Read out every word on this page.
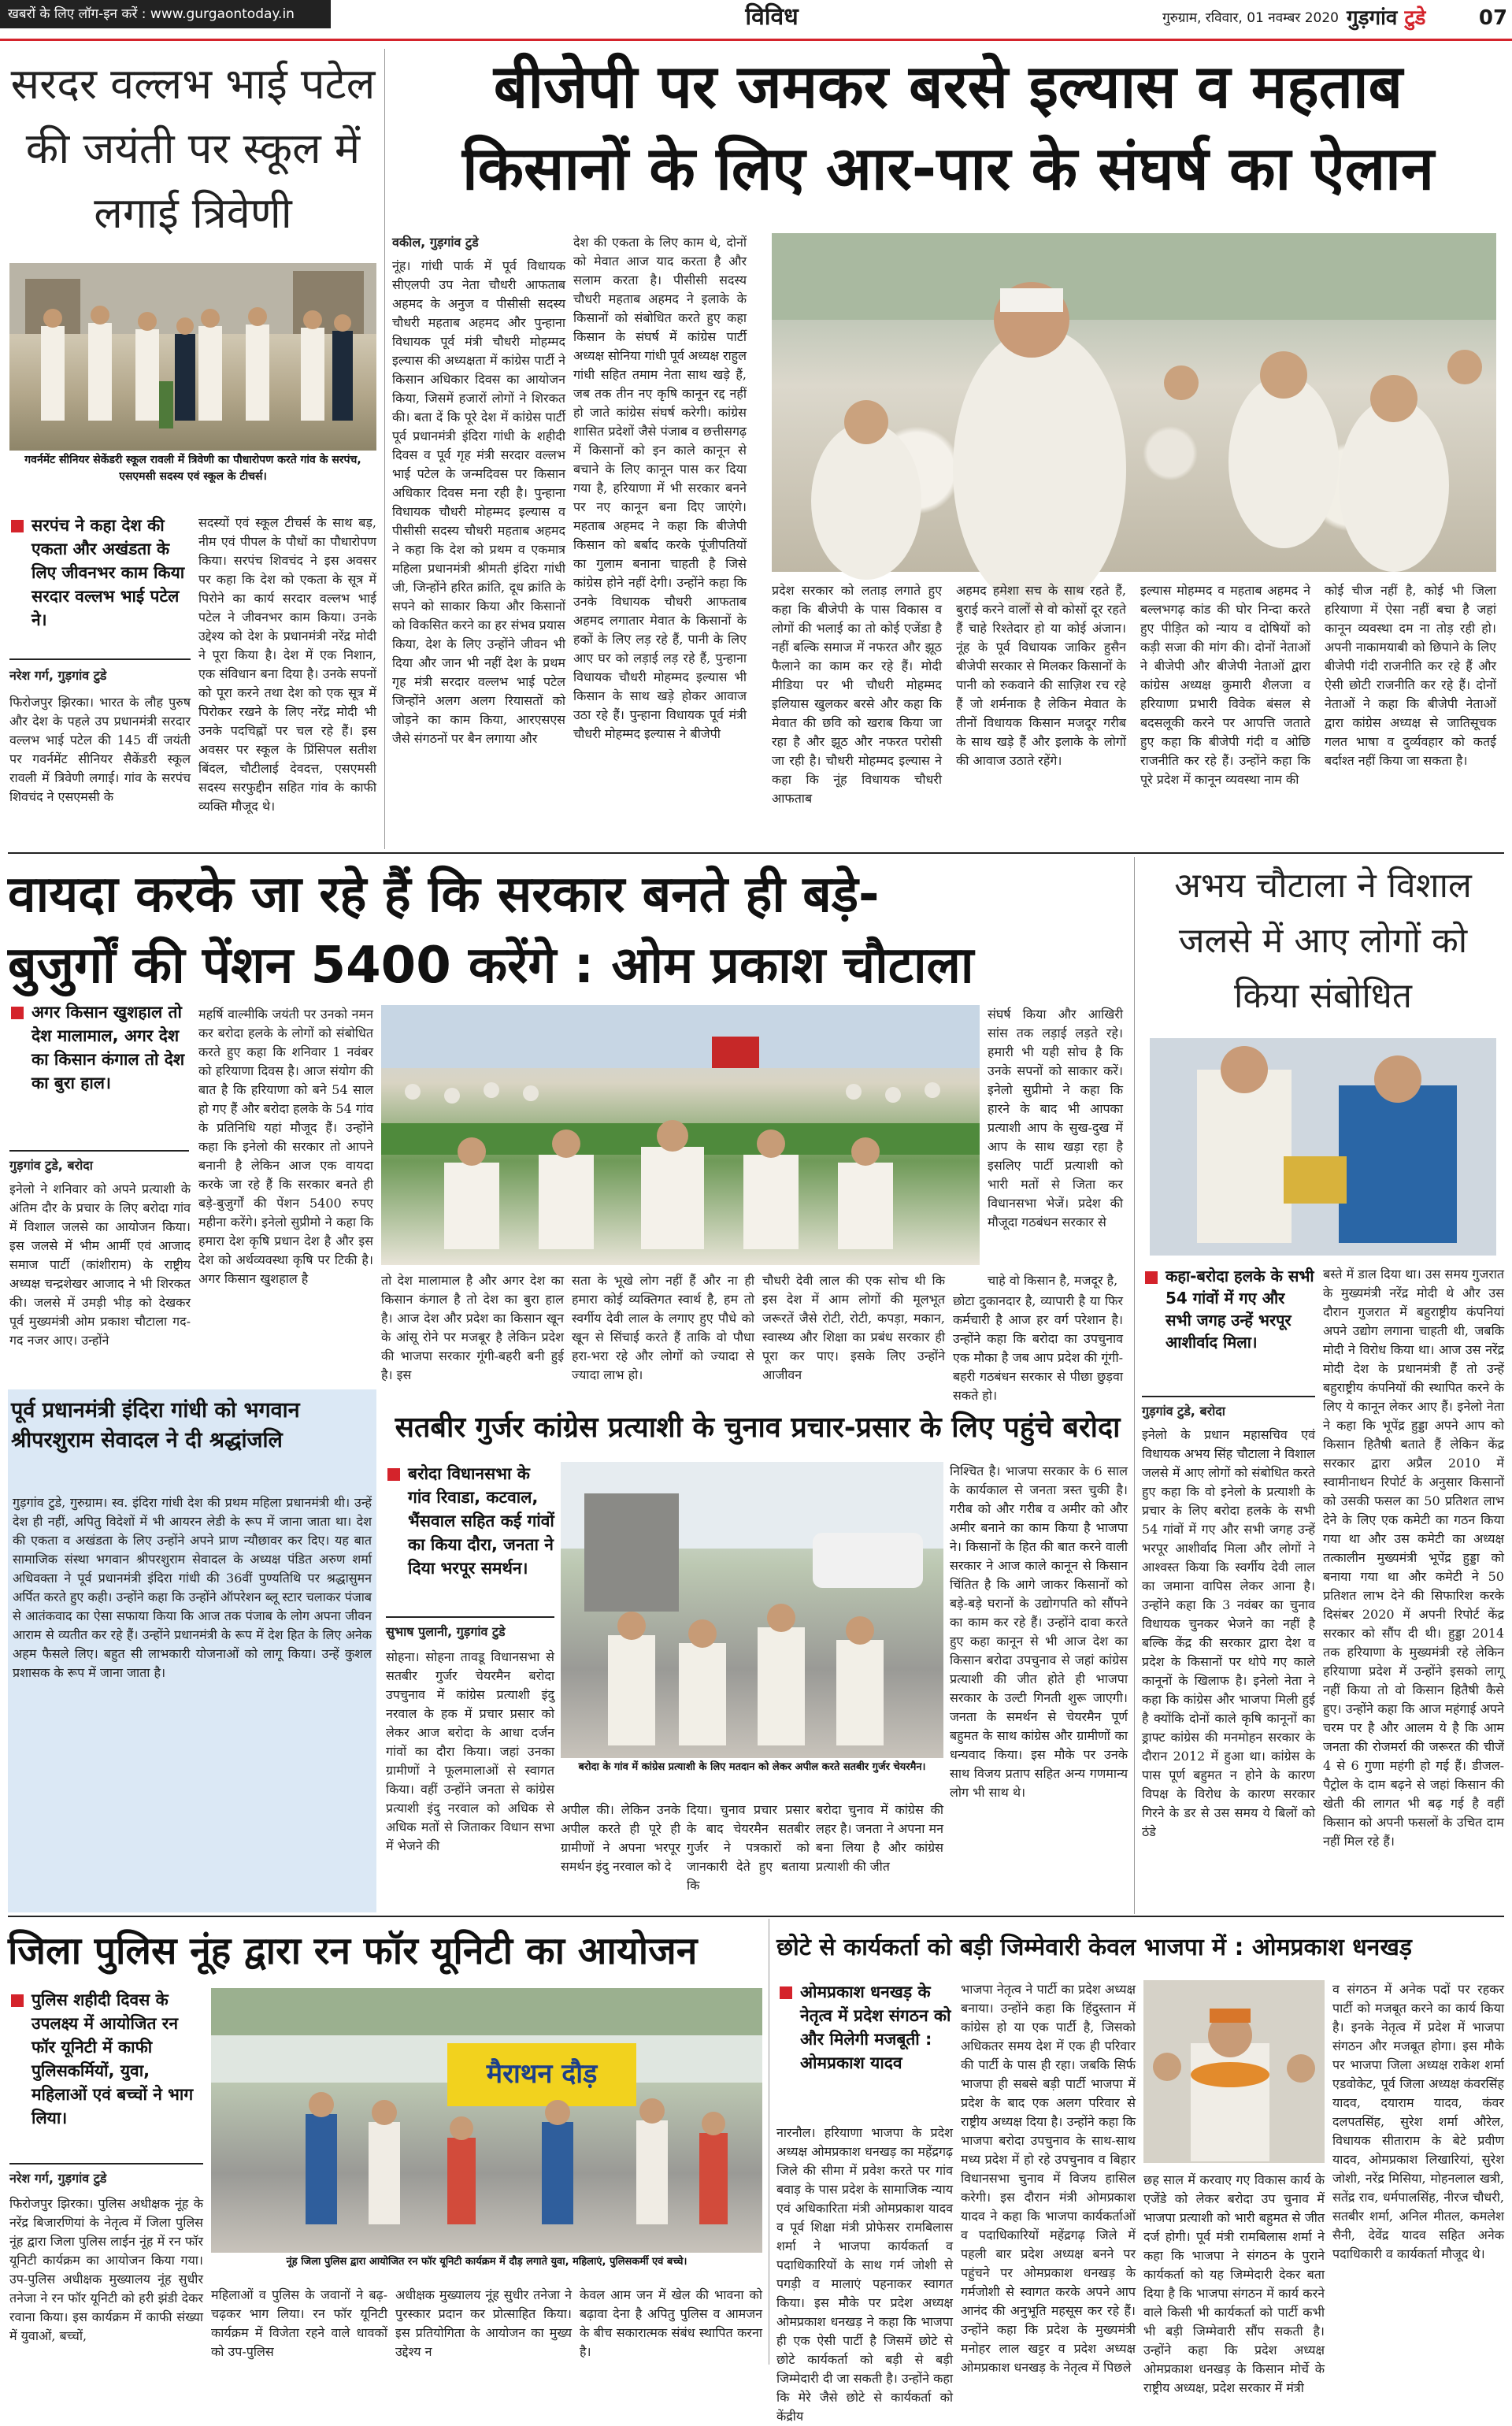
खबरों के लिए लॉग-इन करें : www.gurgaontoday.in	विविध	गुरुग्राम, रविवार, 01 नवम्बर 2020 गुड़गांव टुडे	07
सरदर वल्लभ भाई पटेल की जयंती पर स्कूल में लगाई त्रिवेणी
गवर्नमेंट सीनियर सेकेंडरी स्कूल रावली में त्रिवेणी का पौधारोपण करते गांव के सरपंच, एसएमसी सदस्य एवं स्कूल के टीचर्स।
सरपंच ने कहा देश की एकता और अखंडता के लिए जीवनभर काम किया सरदार वल्लभ भाई पटेल ने।
नरेश गर्ग, गुड़गांव टुडे
फिरोजपुर झिरका। भारत के लौह पुरुष और देश के पहले उप प्रधानमंत्री सरदार वल्लभ भाई पटेल की 145 वीं जयंती पर गवर्नमेंट सीनियर सैकेंडरी स्कूल रावली में त्रिवेणी लगाई। गांव के सरपंच शिवचंद ने एसएमसी के
सदस्यों एवं स्कूल टीचर्स के साथ बड़, नीम एवं पीपल के पौधों का पौधारोपण किया। सरपंच शिवचंद ने इस अवसर पर कहा कि देश को एकता के सूत्र में पिरोने का कार्य सरदार वल्लभ भाई पटेल ने जीवनभर काम किया। उनके उद्देश्य को देश के प्रधानमंत्री नरेंद्र मोदी ने पूरा किया है। देश में एक निशान, एक संविधान बना दिया है। उनके सपनों को पूरा करने तथा देश को एक सूत्र में पिरोकर रखने के लिए नरेंद्र मोदी भी उनके पदचिह्नों पर चल रहे हैं। इस अवसर पर स्कूल के प्रिंसिपल सतीश बिंदल, चौटीलाई देवदत्त, एसएमसी सदस्य सरफुद्दीन सहित गांव के काफी व्यक्ति मौजूद थे।
बीजेपी पर जमकर बरसे इल्यास व महताब
किसानों के लिए आर-पार के संघर्ष का ऐलान
वकील, गुड़गांव टुडे
नूंह। गांधी पार्क में पूर्व विधायक सीएलपी उप नेता चौधरी आफताब अहमद के अनुज व पीसीसी सदस्य चौधरी महताब अहमद और पुन्हाना विधायक पूर्व मंत्री चौधरी मोहम्मद इल्यास की अध्यक्षता में कांग्रेस पार्टी ने किसान अधिकार दिवस का आयोजन किया, जिसमें हजारों लोगों ने शिरकत की। बता दें कि पूरे देश में कांग्रेस पार्टी पूर्व प्रधानमंत्री इंदिरा गांधी के शहीदी दिवस व पूर्व गृह मंत्री सरदार वल्लभ भाई पटेल के जन्मदिवस पर किसान अधिकार दिवस मना रही है। पुन्हाना विधायक चौधरी मोहम्मद इल्यास व पीसीसी सदस्य चौधरी महताब अहमद ने कहा कि देश को प्रथम व एकमात्र महिला प्रधानमंत्री श्रीमती इंदिरा गांधी जी, जिन्होंने हरित क्रांति, दूध क्रांति के सपने को साकार किया और किसानों को विकसित करने का हर संभव प्रयास किया, देश के लिए उन्होंने जीवन भी दिया और जान भी नहीं देश के प्रथम गृह मंत्री सरदार वल्लभ भाई पटेल जिन्होंने अलग अलग रियासतों को जोड़ने का काम किया, आरएसएस जैसे संगठनों पर बैन लगाया और
देश की एकता के लिए काम थे, दोनों को मेवात आज याद करता है और सलाम करता है। पीसीसी सदस्य चौधरी महताब अहमद ने इलाके के किसानों को संबोधित करते हुए कहा किसान के संघर्ष में कांग्रेस पार्टी अध्यक्ष सोनिया गांधी पूर्व अध्यक्ष राहुल गांधी सहित तमाम नेता साथ खड़े हैं, जब तक तीन नए कृषि कानून रद्द नहीं हो जाते कांग्रेस संघर्ष करेगी। कांग्रेस शासित प्रदेशों जैसे पंजाब व छत्तीसगढ़ में किसानों को इन काले कानून से बचाने के लिए कानून पास कर दिया गया है, हरियाणा में भी सरकार बनने पर नए कानून बना दिए जाएंगे। महताब अहमद ने कहा कि बीजेपी किसान को बर्बाद करके पूंजीपतियों का गुलाम बनाना चाहती है जिसे कांग्रेस होने नहीं देगी। उन्होंने कहा कि उनके विधायक चौधरी आफताब अहमद लगातार मेवात के किसानों के हकों के लिए लड़ रहे हैं, पानी के लिए आए घर को लड़ाई लड़ रहे हैं, पुन्हाना विधायक चौधरी मोहम्मद इल्यास भी किसान के साथ खड़े होकर आवाज उठा रहे हैं। पुन्हाना विधायक पूर्व मंत्री चौधरी मोहम्मद इल्यास ने बीजेपी
प्रदेश सरकार को लताड़ लगाते हुए कहा कि बीजेपी के पास विकास व लोगों की भलाई का तो कोई एजेंडा है नहीं बल्कि समाज में नफरत और झूठ फैलाने का काम कर रहे हैं। मोदी मीडिया पर भी चौधरी मोहम्मद इलियास खुलकर बरसे और कहा कि मेवात की छवि को खराब किया जा रहा है और झूठ और नफरत परोसी जा रही है। चौधरी मोहम्मद इल्यास ने कहा कि नूंह विधायक चौधरी आफताब
अहमद हमेशा सच के साथ रहते हैं, बुराई करने वालों से वो कोसों दूर रहते हैं चाहे रिश्तेदार हो या कोई अंजान। नूंह के पूर्व विधायक जाकिर हुसैन बीजेपी सरकार से मिलकर किसानों के पानी को रुकवाने की साज़िश रच रहे हैं जो शर्मनाक है लेकिन मेवात के तीनों विधायक किसान मजदूर गरीब के साथ खड़े हैं और इलाके के लोगों की आवाज उठाते रहेंगे।
इल्यास मोहम्मद व महताब अहमद ने बल्लभगढ़ कांड की घोर निन्दा करते हुए पीड़ित को न्याय व दोषियों को कड़ी सजा की मांग की। दोनों नेताओं ने बीजेपी और बीजेपी नेताओं द्वारा कांग्रेस अध्यक्ष कुमारी शैलजा व हरियाणा प्रभारी विवेक बंसल से बदसलूकी करने पर आपत्ति जताते हुए कहा कि बीजेपी गंदी व ओछि राजनीति कर रहे हैं। उन्होंने कहा कि पूरे प्रदेश में कानून व्यवस्था नाम की
कोई चीज नहीं है, कोई भी जिला हरियाणा में ऐसा नहीं बचा है जहां कानून व्यवस्था दम ना तोड़ रही हो। अपनी नाकामयाबी को छिपाने के लिए बीजेपी गंदी राजनीति कर रहे हैं और ऐसी छोटी राजनीति कर रहे हैं। दोनों नेताओं ने कहा कि बीजेपी नेताओं द्वारा कांग्रेस अध्यक्ष से जातिसूचक गलत भाषा व दुर्व्यवहार को कतई बर्दाश्त नहीं किया जा सकता है।
वायदा करके जा रहे हैं कि सरकार बनते ही बड़े-
बुजुर्गों की पेंशन 5400 करेंगे : ओम प्रकाश चौटाला
अगर किसान खुशहाल तो देश मालामाल, अगर देश का किसान कंगाल तो देश का बुरा हाल।
गुड़गांव टुडे, बरोदा
इनेलो ने शनिवार को अपने प्रत्याशी के अंतिम दौर के प्रचार के लिए बरोदा गांव में विशाल जलसे का आयोजन किया। इस जलसे में भीम आर्मी एवं आजाद समाज पार्टी (कांशीराम) के राष्ट्रीय अध्यक्ष चन्द्रशेखर आजाद ने भी शिरकत की। जलसे में उमड़ी भीड़ को देखकर पूर्व मुख्यमंत्री ओम प्रकाश चौटाला गद-गद नजर आए। उन्होंने
महर्षि वाल्मीकि जयंती पर उनको नमन कर बरोदा हलके के लोगों को संबोधित करते हुए कहा कि शनिवार 1 नवंबर को हरियाणा दिवस है। आज संयोग की बात है कि हरियाणा को बने 54 साल हो गए हैं और बरोदा हलके के 54 गांव के प्रतिनिधि यहां मौजूद हैं। उन्होंने कहा कि इनेलो की सरकार तो आपने बनानी है लेकिन आज एक वायदा करके जा रहे हैं कि सरकार बनते ही बड़े-बुजुर्गों की पेंशन 5400 रुपए महीना करेंगे। इनेलो सुप्रीमो ने कहा कि हमारा देश कृषि प्रधान देश है और इस देश को अर्थव्यवस्था कृषि पर टिकी है। अगर किसान खुशहाल है	तो देश मालामाल है और अगर देश का किसान कंगाल है तो देश का बुरा हाल है। आज देश और प्रदेश का किसान खून के आंसू रोने पर मजबूर है लेकिन प्रदेश की भाजपा सरकार गूंगी-बहरी बनी हुई है। इस
सता के भूखे लोग नहीं हैं और ना ही हमारा कोई व्यक्तिगत स्वार्थ है, हम तो स्वर्गीय देवी लाल के लगाए हुए पौधे को खून से सिंचाई करते हैं ताकि वो पौधा हरा-भरा रहे और लोगों को ज्यादा से ज्यादा लाभ हो।
चौधरी देवी लाल की एक सोच थी कि इस देश में आम लोगों की मूलभूत जरूरतें जैसे रोटी, रोटी, कपड़ा, मकान, स्वास्थ्य और शिक्षा का प्रबंध सरकार ही पूरा कर पाए। इसके लिए उन्होंने आजीवन
संघर्ष किया और आखिरी सांस तक लड़ाई लड़ते रहे। हमारी भी यही सोच है कि उनके सपनों को साकार करें। इनेलो सुप्रीमो ने कहा कि हारने के बाद भी आपका प्रत्याशी आप के सुख-दुख में आप के साथ खड़ा रहा है इसलिए पार्टी प्रत्याशी को भारी मतों से जिता कर विधानसभा भेजें। प्रदेश की मौजूदा गठबंधन सरकार से
चाहे वो किसान है, मजदूर है,
छोटा दुकानदार है, व्यापारी है या फिर कर्मचारी है आज हर वर्ग परेशान है। उन्होंने कहा कि बरोदा का उपचुनाव एक मौका है जब आप प्रदेश की गूंगी-बहरी गठबंधन सरकार से पीछा छुड़वा सकते हो।
पूर्व प्रधानमंत्री इंदिरा गांधी को भगवान श्रीपरशुराम सेवादल ने दी श्रद्धांजलि
गुड़गांव टुडे, गुरुग्राम। स्व. इंदिरा गांधी देश की प्रथम महिला प्रधानमंत्री थी। उन्हें देश ही नहीं, अपितु विदेशों में भी आयरन लेडी के रूप में जाना जाता था। देश की एकता व अखंडता के लिए उन्होंने अपने प्राण न्यौछावर कर दिए। यह बात सामाजिक संस्था भगवान श्रीपरशुराम सेवादल के अध्यक्ष पंडित अरुण शर्मा अधिवक्ता ने पूर्व प्रधानमंत्री इंदिरा गांधी की 36वीं पुण्यतिथि पर श्रद्धासुमन अर्पित करते हुए कही। उन्होंने कहा कि उन्होंने ऑपरेशन ब्लू स्टार चलाकर पंजाब से आतंकवाद का ऐसा सफाया किया कि आज तक पंजाब के लोग अपना जीवन आराम से व्यतीत कर रहे हैं। उन्होंने प्रधानमंत्री के रूप में देश हित के लिए अनेक अहम फैसले लिए। बहुत सी लाभकारी योजनाओं को लागू किया। उन्हें कुशल प्रशासक के रूप में जाना जाता है।
अभय चौटाला ने विशाल जलसे में आए लोगों को किया संबोधित
कहा-बरोदा हलके के सभी 54 गांवों में गए और सभी जगह उन्हें भरपूर आशीर्वाद मिला।
गुड़गांव टुडे, बरोदा
इनेलो के प्रधान महासचिव एवं विधायक अभय सिंह चौटाला ने विशाल जलसे में आए लोगों को संबोधित करते हुए कहा कि वो इनेलो के प्रत्याशी के प्रचार के लिए बरोदा हलके के सभी 54 गांवों में गए और सभी जगह उन्हें भरपूर आशीर्वाद मिला और लोगों ने आश्वस्त किया कि स्वर्गीय देवी लाल का जमाना वापिस लेकर आना है। उन्होंने कहा कि 3 नवंबर का चुनाव विधायक चुनकर भेजने का नहीं है बल्कि केंद्र की सरकार द्वारा देश व प्रदेश के किसानों पर थोपे गए काले कानूनों के खिलाफ है। इनेलो नेता ने कहा कि कांग्रेस और भाजपा मिली हुई है क्योंकि दोनों काले कृषि कानूनों का ड्राफ्ट कांग्रेस की मनमोहन सरकार के दौरान 2012 में हुआ था। कांग्रेस के पास पूर्ण बहुमत न होने के कारण विपक्ष के विरोध के कारण सरकार गिरने के डर से उस समय ये बिलों को ठंडे
बस्ते में डाल दिया था। उस समय गुजरात के मुख्यमंत्री नरेंद्र मोदी थे और उस दौरान गुजरात में बहुराष्ट्रीय कंपनियां अपने उद्योग लगाना चाहती थी, जबकि मोदी ने विरोध किया था। आज उस नरेंद्र मोदी देश के प्रधानमंत्री हैं तो उन्हें बहुराष्ट्रीय कंपनियों की स्थापित करने के लिए ये कानून लेकर आए हैं। इनेलो नेता ने कहा कि भूपेंद्र हुड्डा अपने आप को किसान हितैषी बताते हैं लेकिन केंद्र सरकार द्वारा अप्रैल 2010 में स्वामीनाथन रिपोर्ट के अनुसार किसानों को उसकी फसल का 50 प्रतिशत लाभ देने के लिए एक कमेटी का गठन किया गया था और उस कमेटी का अध्यक्ष तत्कालीन मुख्यमंत्री भूपेंद्र हुड्डा को बनाया गया था और कमेटी ने 50 प्रतिशत लाभ देने की सिफारिश करके दिसंबर 2020 में अपनी रिपोर्ट केंद्र सरकार को सौंप दी थी। हुड्डा 2014 तक हरियाणा के मुख्यमंत्री रहे लेकिन हरियाणा प्रदेश में उन्होंने इसको लागू नहीं किया तो वो किसान हितैषी कैसे हुए। उन्होंने कहा कि आज महंगाई अपने चरम पर है और आलम ये है कि आम जनता की रोजमर्रा की जरूरत की चीजें 4 से 6 गुणा महंगी हो गई हैं। डीजल-पैट्रोल के दाम बढ़ने से जहां किसान की खेती की लागत भी बढ़ गई है वहीं किसान को अपनी फसलों के उचित दाम नहीं मिल रहे हैं।
सतबीर गुर्जर कांग्रेस प्रत्याशी के चुनाव प्रचार-प्रसार के लिए पहुंचे बरोदा
बरोदा विधानसभा के गांव रिवाडा, कटवाल, भैंसवाल सहित कई गांवों का किया दौरा, जनता ने दिया भरपूर समर्थन।
सुभाष पुलानी, गुड़गांव टुडे
सोहना। सोहना तावडू विधानसभा से सतबीर गुर्जर चेयरमैन बरोदा उपचुनाव में कांग्रेस प्रत्याशी इंदु नरवाल के हक में प्रचार प्रसार को लेकर आज बरोदा के आधा दर्जन गांवों का दौरा किया। जहां उनका ग्रामीणों ने फूलमालाओं से स्वागत किया। वहीं उन्होंने जनता से कांग्रेस प्रत्याशी इंदु नरवाल को अधिक से अधिक मतों से जिताकर विधान सभा में भेजने की
बरोदा के गांव में कांग्रेस प्रत्याशी के लिए मतदान को लेकर अपील करते सतबीर गुर्जर चेयरमैन।
अपील की। लेकिन उनके अपील करते ही पूरे ही ग्रामीणों ने अपना भरपूर समर्थन इंदु नरवाल को दे
दिया। चुनाव प्रचार प्रसार के बाद चेयरमैन सतबीर गुर्जर ने पत्रकारों को जानकारी देते हुए बताया कि
बरोदा चुनाव में कांग्रेस की लहर है। जनता ने अपना मन बना लिया है और कांग्रेस प्रत्याशी की जीत
निश्चित है। भाजपा सरकार के 6 साल के कार्यकाल से जनता त्रस्त चुकी है। गरीब को और गरीब व अमीर को और अमीर बनाने का काम किया है भाजपा ने। किसानों के हित की बात करने वाली सरकार ने आज काले कानून से किसान चिंतित है कि आगे जाकर किसानों को बड़े-बड़े घरानों के उद्योगपति को सौंपने का काम कर रहे हैं। उन्होंने दावा करते हुए कहा कानून से भी आज देश का किसान बरोदा उपचुनाव से जहां कांग्रेस प्रत्याशी की जीत होते ही भाजपा सरकार के उल्टी गिनती शुरू जाएगी। जनता के समर्थन से चेयरमैन पूर्ण बहुमत के साथ कांग्रेस और ग्रामीणों का धन्यवाद किया। इस मौके पर उनके साथ विजय प्रताप सहित अन्य गणमान्य लोग भी साथ थे।
जिला पुलिस नूंह द्वारा रन फॉर यूनिटी का आयोजन
पुलिस शहीदी दिवस के उपलक्ष्य में आयोजित रन फॉर यूनिटी में काफी पुलिसकर्मियों, युवा, महिलाओं एवं बच्चों ने भाग लिया।
नरेश गर्ग, गुड़गांव टुडे
फिरोजपुर झिरका। पुलिस अधीक्षक नूंह के नरेंद्र बिजारणियां के नेतृत्व में जिला पुलिस नूंह द्वारा जिला पुलिस लाईन नूंह में रन फॉर यूनिटी कार्यक्रम का आयोजन किया गया। उप-पुलिस अधीक्षक मुख्यालय नूंह सुधीर तनेजा ने रन फॉर यूनिटी को हरी झंडी देकर रवाना किया। इस कार्यक्रम में काफी संख्या में युवाओं, बच्चों,
मैराथन दौड़
नूंह जिला पुलिस द्वारा आयोजित रन फॉर यूनिटी कार्यक्रम में दौड़ लगाते युवा, महिलाएं, पुलिसकर्मी एवं बच्चे।
महिलाओं व पुलिस के जवानों ने बढ़-चढ़कर भाग लिया। रन फॉर यूनिटी कार्यक्रम में विजेता रहने वाले धावकों को उप-पुलिस
अधीक्षक मुख्यालय नूंह सुधीर तनेजा ने पुरस्कार प्रदान कर प्रोत्साहित किया। इस प्रतियोगिता के आयोजन का मुख्य उद्देश्य न
केवल आम जन में खेल की भावना को बढ़ावा देना है अपितु पुलिस व आमजन के बीच सकारात्मक संबंध स्थापित करना है।
छोटे से कार्यकर्ता को बड़ी जिम्मेवारी केवल भाजपा में : ओमप्रकाश धनखड़
ओमप्रकाश धनखड़ के नेतृत्व में प्रदेश संगठन को और मिलेगी मजबूती : ओमप्रकाश यादव
नारनौल। हरियाणा भाजपा के प्रदेश अध्यक्ष ओमप्रकाश धनखड़ का महेंद्रगढ़ जिले की सीमा में प्रवेश करते पर गांव बवाड़ के पास प्रदेश के सामाजिक न्याय एवं अधिकारिता मंत्री ओमप्रकाश यादव व पूर्व शिक्षा मंत्री प्रोफेसर रामबिलास शर्मा ने भाजपा कार्यकर्ता व पदाधिकारियों के साथ गर्म जोशी से पगड़ी व मालाएं पहनाकर स्वागत किया। इस मौके पर प्रदेश अध्यक्ष ओमप्रकाश धनखड़ ने कहा कि भाजपा ही एक ऐसी पार्टी है जिसमें छोटे से छोटे कार्यकर्ता को बड़ी से बड़ी जिम्मेदारी दी जा सकती है। उन्होंने कहा कि मेरे जैसे छोटे से कार्यकर्ता को केंद्रीय
भाजपा नेतृत्व ने पार्टी का प्रदेश अध्यक्ष बनाया। उन्होंने कहा कि हिंदुस्तान में कांग्रेस हो या एक पार्टी है, जिसको अधिकतर समय देश में एक ही परिवार की पार्टी के पास ही रहा। जबकि सिर्फ भाजपा ही सबसे बड़ी पार्टी भाजपा में प्रदेश के बाद एक अलग परिवार से राष्ट्रीय अध्यक्ष दिया है। उन्होंने कहा कि भाजपा बरोदा उपचुनाव के साथ-साथ मध्य प्रदेश में हो रहे उपचुनाव व बिहार विधानसभा चुनाव में विजय हासिल करेगी। इस दौरान मंत्री ओमप्रकाश यादव ने कहा कि भाजपा कार्यकर्ताओं व पदाधिकारियों महेंद्रगढ़ जिले में पहली बार प्रदेश अध्यक्ष बनने पर पहुंचने पर ओमप्रकाश धनखड़ के गर्मजोशी से स्वागत करके अपने आप आनंद की अनुभूति महसूस कर रहे हैं। उन्होंने कहा कि प्रदेश के मुख्यमंत्री मनोहर लाल खट्टर व प्रदेश अध्यक्ष ओमप्रकाश धनखड़ के नेतृत्व में पिछले
छह साल में करवाए गए विकास कार्य के एजेंडे को लेकर बरोदा उप चुनाव में भाजपा प्रत्याशी को भारी बहुमत से जीत दर्ज होगी। पूर्व मंत्री रामबिलास शर्मा ने कहा कि भाजपा ने संगठन के पुराने कार्यकर्ता को यह जिम्मेदारी देकर बता दिया है कि भाजपा संगठन में कार्य करने वाले किसी भी कार्यकर्ता को पार्टी कभी भी बड़ी जिम्मेवारी सौंप सकती है। उन्होंने कहा कि प्रदेश अध्यक्ष ओमप्रकाश धनखड़ के किसान मोर्चे के राष्ट्रीय अध्यक्ष, प्रदेश सरकार में मंत्री
व संगठन में अनेक पदों पर रहकर पार्टी को मजबूत करने का कार्य किया है। इनके नेतृत्व में प्रदेश में भाजपा संगठन और मजबूत होगा। इस मौके पर भाजपा जिला अध्यक्ष राकेश शर्मा एडवोकेट, पूर्व जिला अध्यक्ष कंवरसिंह यादव, दयाराम यादव, कंवर दलपतसिंह, सुरेश शर्मा औरेल, विधायक सीताराम के बेटे प्रवीण यादव, ओमप्रकाश लिखारियां, सुरेश जोशी, नरेंद्र मिसिया, मोहनलाल खत्री, सतेंद्र राव, धर्मपालसिंह, नीरज चौधरी, सतबीर शर्मा, अनिल मीतल, कमलेश सैनी, देवेंद्र यादव सहित अनेक पदाधिकारी व कार्यकर्ता मौजूद थे।
